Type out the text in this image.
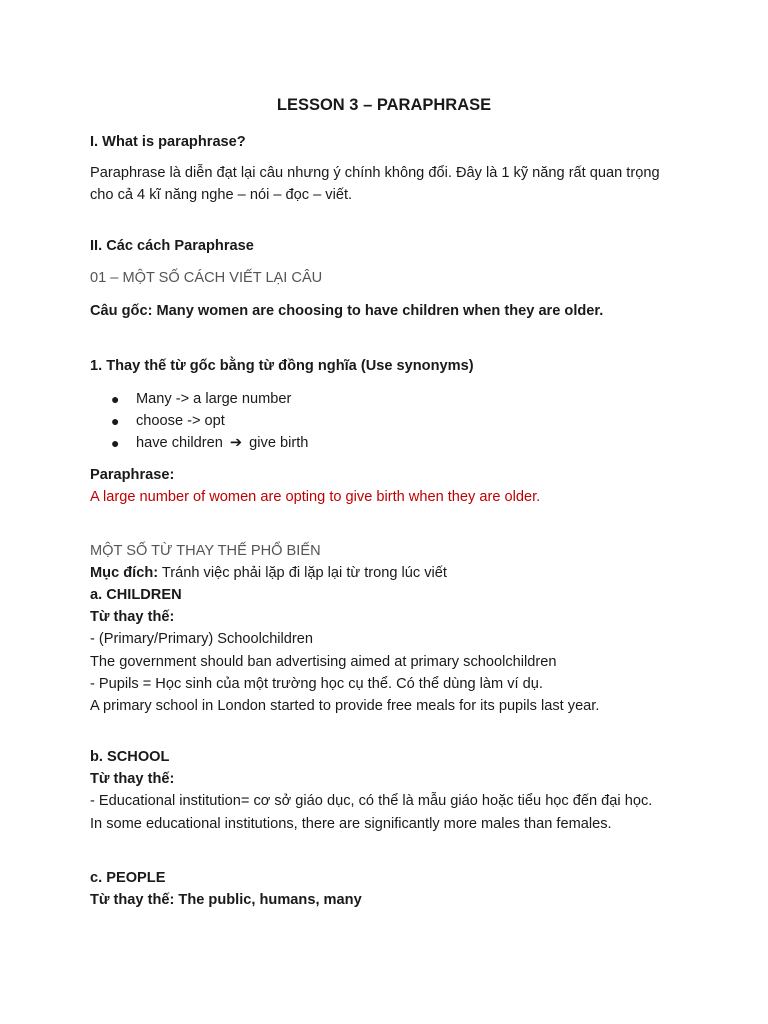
LESSON 3 – PARAPHRASE
I. What is paraphrase?
Paraphrase là diễn đạt lại câu nhưng ý chính không đổi. Đây là 1 kỹ năng rất quan trọng
cho cả 4 kĩ năng nghe – nói – đọc – viết.
II. Các cách Paraphrase
01 – MỘT SỐ CÁCH VIẾT LẠI CÂU
Câu gốc: Many women are choosing to have children when they are older.
1. Thay thế từ gốc bằng từ đồng nghĩa (Use synonyms)
● Many -> a large number
● choose -> opt
● have children ➔ give birth
Paraphrase:
A large number of women are opting to give birth when they are older.
MỘT SỐ TỪ THAY THẾ PHỔ BIẾN
Mục đích: Tránh việc phải lặp đi lặp lại từ trong lúc viết
a. CHILDREN
Từ thay thế:
- (Primary/Primary) Schoolchildren
The government should ban advertising aimed at primary schoolchildren
- Pupils = Học sinh của một trường học cụ thể. Có thể dùng làm ví dụ.
A primary school in London started to provide free meals for its pupils last year.
b. SCHOOL
Từ thay thế:
- Educational institution= cơ sở giáo dục, có thể là mẫu giáo hoặc tiểu học đến đại học.
In some educational institutions, there are significantly more males than females.
c. PEOPLE
Từ thay thế: The public, humans, many
